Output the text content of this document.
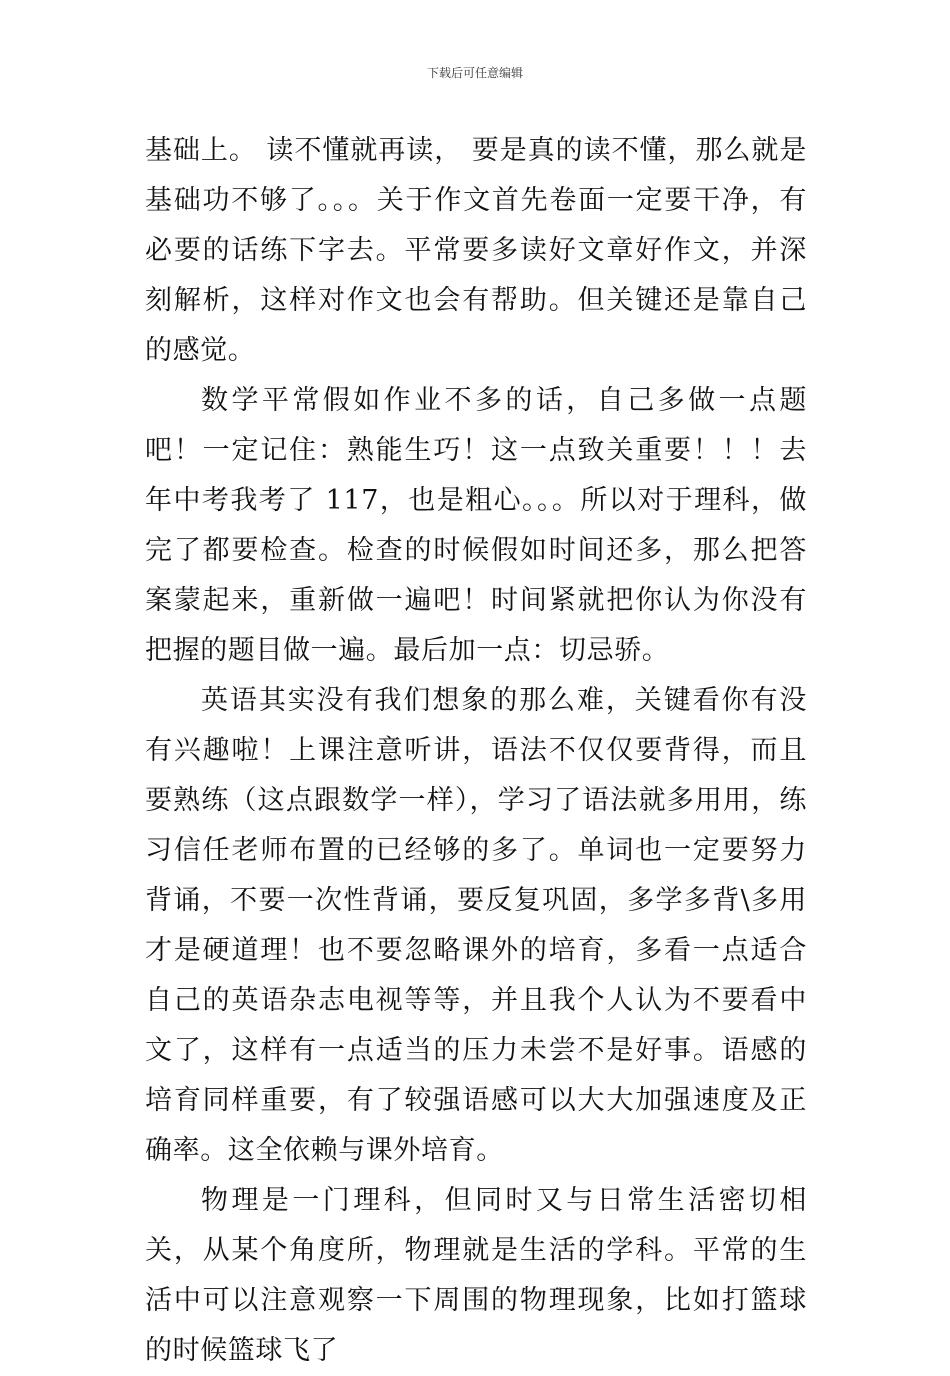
下载后可任意编辑

基础上。 读不懂就再读， 要是真的读不懂，那么就是基础功不够了。。。关于作文首先卷面一定要干净，有必要的话练下字去。平常要多读好文章好作文，并深刻解析，这样对作文也会有帮助。但关键还是靠自己的感觉。

数学平常假如作业不多的话，自己多做一点题吧！一定记住：熟能生巧！这一点致关重要！！！去年中考我考了 117，也是粗心。。。所以对于理科，做完了都要检查。检查的时候假如时间还多，那么把答案蒙起来，重新做一遍吧！时间紧就把你认为你没有把握的题目做一遍。最后加一点：切忌骄。

英语其实没有我们想象的那么难，关键看你有没有兴趣啦！上课注意听讲，语法不仅仅要背得，而且要熟练（这点跟数学一样），学习了语法就多用用，练习信任老师布置的已经够的多了。单词也一定要努力背诵，不要一次性背诵，要反复巩固，多学多背\多用才是硬道理！也不要忽略课外的培育，多看一点适合自己的英语杂志电视等等，并且我个人认为不要看中文了，这样有一点适当的压力未尝不是好事。语感的培育同样重要，有了较强语感可以大大加强速度及正确率。这全依赖与课外培育。

物理是一门理科，但同时又与日常生活密切相关，从某个角度所，物理就是生活的学科。平常的生活中可以注意观察一下周围的物理现象，比如打篮球的时候篮球飞了
